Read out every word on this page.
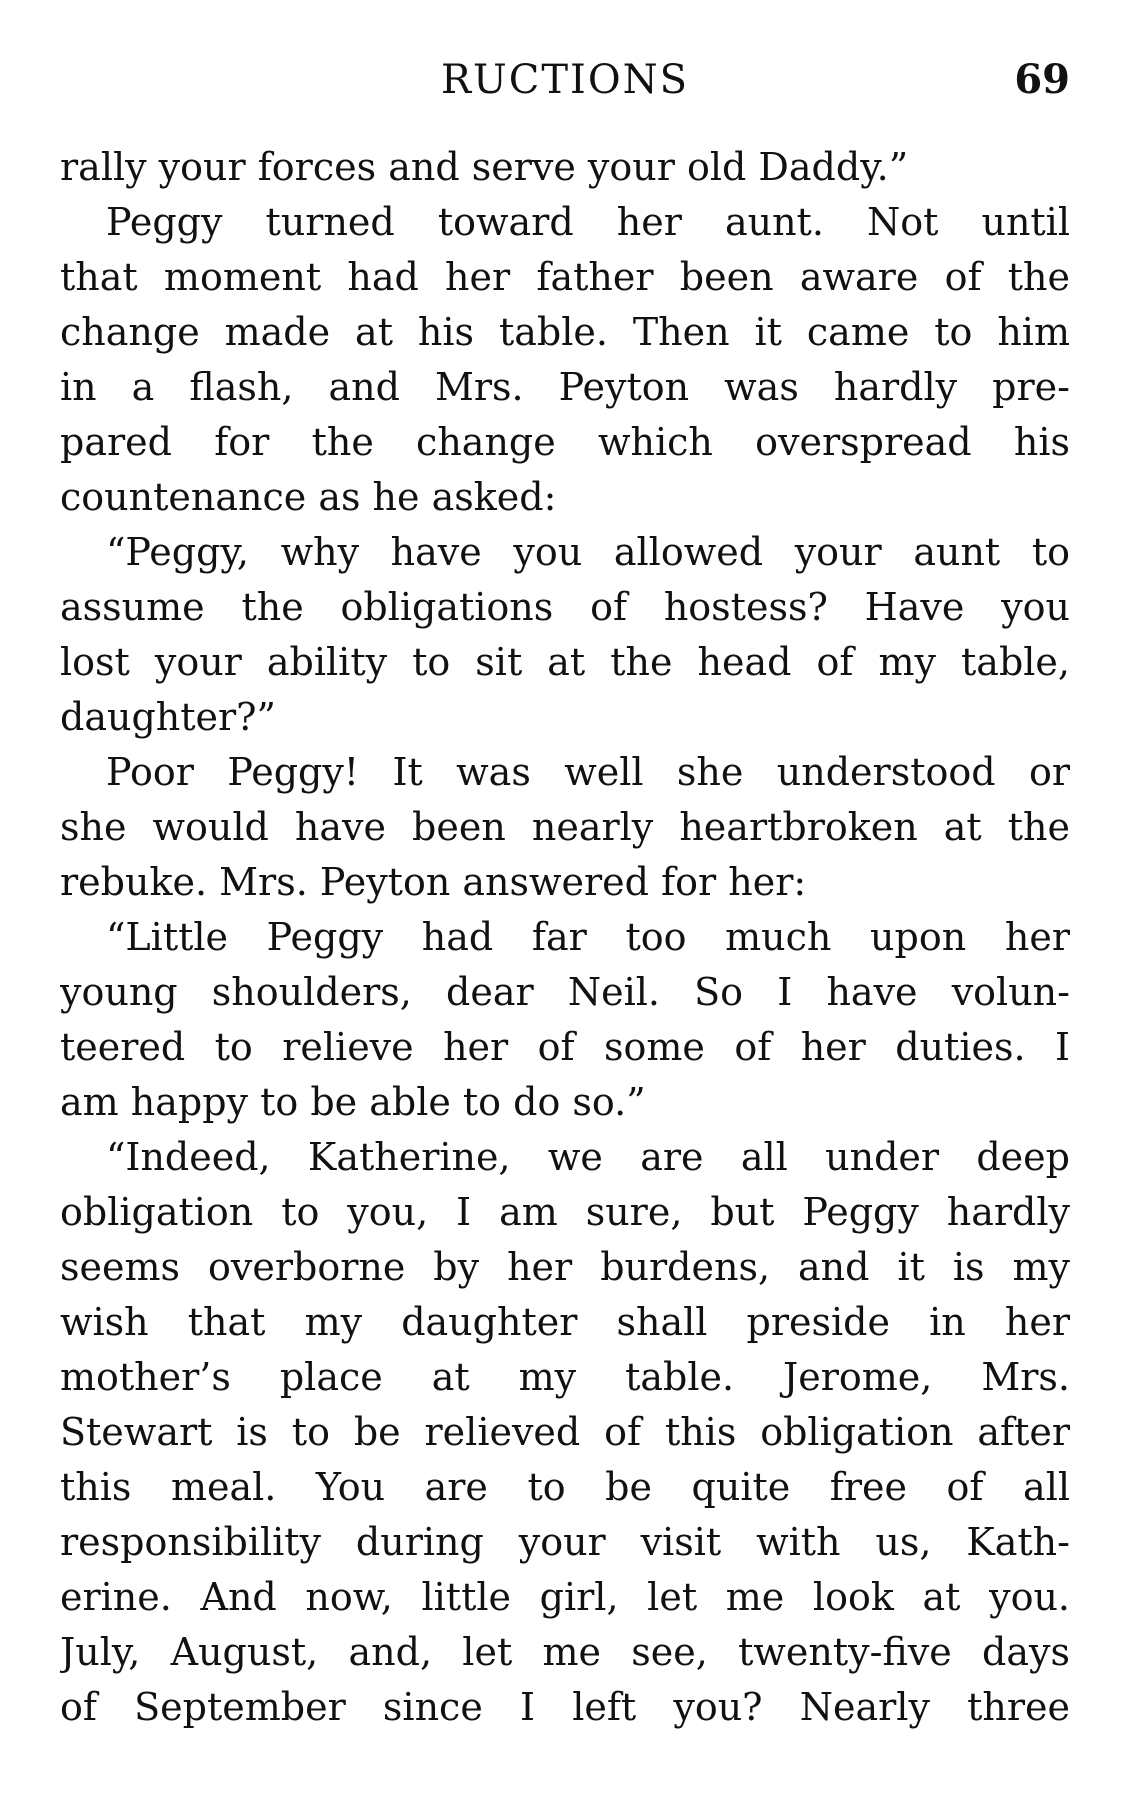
RUCTIONS	69
rally your forces and serve your old Daddy.”
Peggy turned toward her aunt. Not until
that moment had her father been aware of the
change made at his table. Then it came to him
in a flash, and Mrs. Peyton was hardly pre-
pared for the change which overspread his
countenance as he asked:
“Peggy, why have you allowed your aunt to
assume the obligations of hostess? Have you
lost your ability to sit at the head of my table,
daughter?”
Poor Peggy! It was well she understood or
she would have been nearly heartbroken at the
rebuke. Mrs. Peyton answered for her:
“Little Peggy had far too much upon her
young shoulders, dear Neil. So I have volun-
teered to relieve her of some of her duties. I
am happy to be able to do so.”
“Indeed, Katherine, we are all under deep
obligation to you, I am sure, but Peggy hardly
seems overborne by her burdens, and it is my
wish that my daughter shall preside in her
mother’s place at my table. Jerome, Mrs.
Stewart is to be relieved of this obligation after
this meal. You are to be quite free of all
responsibility during your visit with us, Kath-
erine. And now, little girl, let me look at you.
July, August, and, let me see, twenty-five days
of September since I left you? Nearly three
